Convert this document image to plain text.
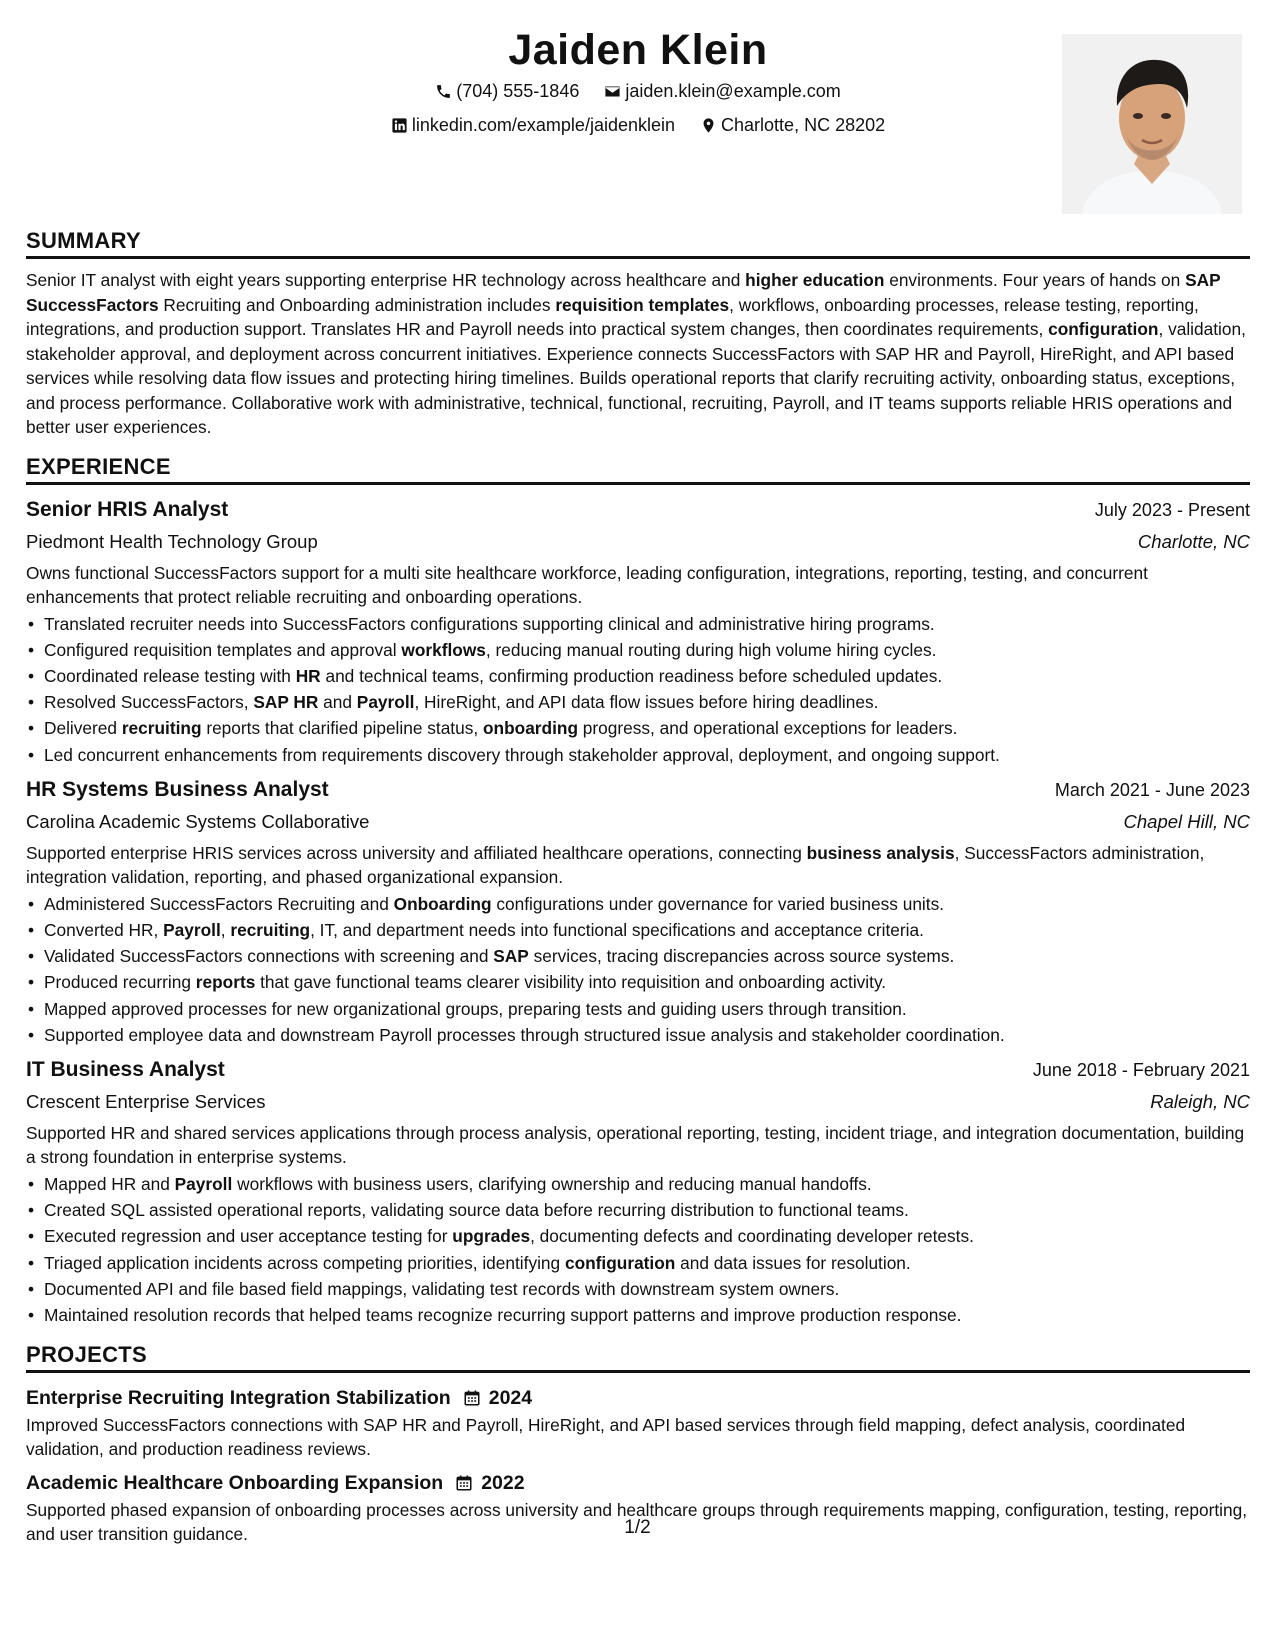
Jaiden Klein
(704) 555-1846
	jaiden.klein@example.com
linkedin.com/example/jaidenklein
	Charlotte, NC 28202
SUMMARY

Senior IT analyst with eight years supporting enterprise HR technology across healthcare and higher education environments. Four years of hands on SAP SuccessFactors Recruiting and Onboarding administration includes requisition templates, workflows, onboarding processes, release testing, reporting, integrations, and production support. Translates HR and Payroll needs into practical system changes, then coordinates requirements, configuration, validation, stakeholder approval, and deployment across concurrent initiatives. Experience connects SuccessFactors with SAP HR and Payroll, HireRight, and API based services while resolving data flow issues and protecting hiring timelines. Builds operational reports that clarify recruiting activity, onboarding status, exceptions, and process performance. Collaborative work with administrative, technical, functional, recruiting, Payroll, and IT teams supports reliable HRIS operations and better user experiences.

EXPERIENCE
Senior HRIS Analyst	July 2023 - Present
Piedmont Health Technology Group	Charlotte, NC

Owns functional SuccessFactors support for a multi site healthcare workforce, leading configuration, integrations, reporting, testing, and concurrent enhancements that protect reliable recruiting and onboarding operations.

• Translated recruiter needs into SuccessFactors configurations supporting clinical and administrative hiring programs.
• Configured requisition templates and approval workflows, reducing manual routing during high volume hiring cycles.
• Coordinated release testing with HR and technical teams, confirming production readiness before scheduled updates.
• Resolved SuccessFactors, SAP HR and Payroll, HireRight, and API data flow issues before hiring deadlines.
• Delivered recruiting reports that clarified pipeline status, onboarding progress, and operational exceptions for leaders.
• Led concurrent enhancements from requirements discovery through stakeholder approval, deployment, and ongoing support.
HR Systems Business Analyst	March 2021 - June 2023
Carolina Academic Systems Collaborative	Chapel Hill, NC

Supported enterprise HRIS services across university and affiliated healthcare operations, connecting business analysis, SuccessFactors administration, integration validation, reporting, and phased organizational expansion.

• Administered SuccessFactors Recruiting and Onboarding configurations under governance for varied business units.
• Converted HR, Payroll, recruiting, IT, and department needs into functional specifications and acceptance criteria.
• Validated SuccessFactors connections with screening and SAP services, tracing discrepancies across source systems.
• Produced recurring reports that gave functional teams clearer visibility into requisition and onboarding activity.
• Mapped approved processes for new organizational groups, preparing tests and guiding users through transition.
• Supported employee data and downstream Payroll processes through structured issue analysis and stakeholder coordination.
IT Business Analyst	June 2018 - February 2021
Crescent Enterprise Services	Raleigh, NC

Supported HR and shared services applications through process analysis, operational reporting, testing, incident triage, and integration documentation, building a strong foundation in enterprise systems.

• Mapped HR and Payroll workflows with business users, clarifying ownership and reducing manual handoffs.
• Created SQL assisted operational reports, validating source data before recurring distribution to functional teams.
• Executed regression and user acceptance testing for upgrades, documenting defects and coordinating developer retests.
• Triaged application incidents across competing priorities, identifying configuration and data issues for resolution.
• Documented API and file based field mappings, validating test records with downstream system owners.
• Maintained resolution records that helped teams recognize recurring support patterns and improve production response.
PROJECTS
Enterprise Recruiting Integration Stabilization 2024

Improved SuccessFactors connections with SAP HR and Payroll, HireRight, and API based services through field mapping, defect analysis, coordinated validation, and production readiness reviews.

Academic Healthcare Onboarding Expansion 2022

Supported phased expansion of onboarding processes across university and healthcare groups through requirements mapping, configuration, testing, reporting, and user transition guidance.	1/2
